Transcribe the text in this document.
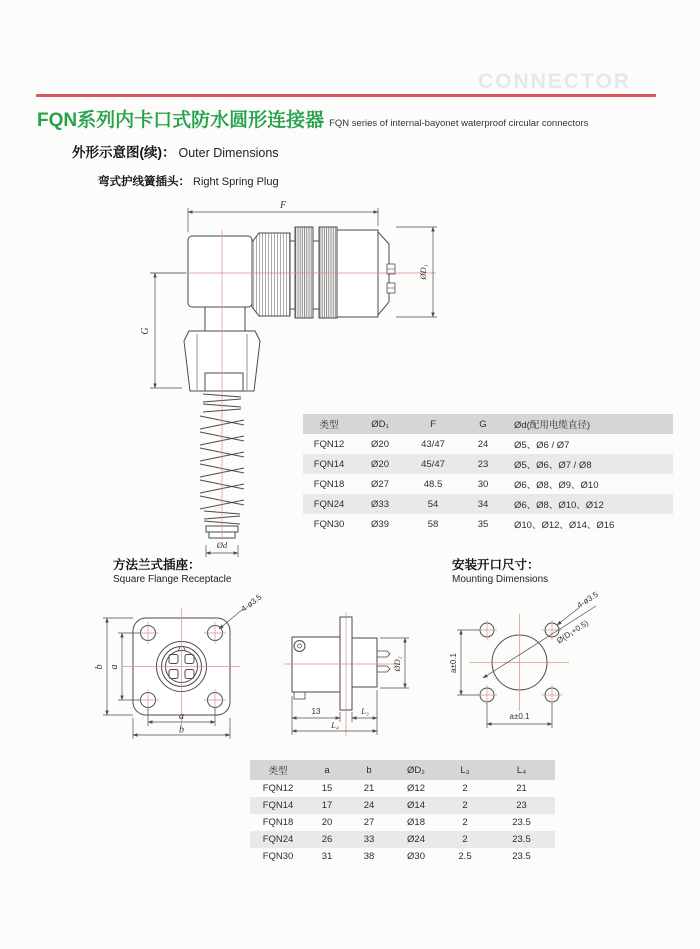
CONNECTOR
FQN系列内卡口式防水圆形连接器 FQN series of internal-bayonet waterproof circular connectors
外形示意图(续)： Outer Dimensions
弯式护线簧插头： Right Spring Plug
方法兰式插座：
Square Flange Receptacle
安装开口尺寸：
Mounting Dimensions
F
G
ØD₁
Ød
a
b
a
b
4-ø3.5
13	L₃
L₄
ØD₂
4-ø3.5
Ø(D₁+0.5)
a±0.1
a±0.1
类型	ØD₁	F	G	Ød(配用电缆直径)
FQN12	Ø20	43/47	24	Ø5、Ø6 / Ø7
FQN14	Ø20	45/47	23	Ø5、Ø6、Ø7 / Ø8
FQN18	Ø27	48.5	30	Ø6、Ø8、Ø9、Ø10
FQN24	Ø33	54	34	Ø6、Ø8、Ø10、Ø12
FQN30	Ø39	58	35	Ø10、Ø12、Ø14、Ø16
类型	a	b	ØD₂	L₃	L₄
FQN12	15	21	Ø12	2	21
FQN14	17	24	Ø14	2	23
FQN18	20	27	Ø18	2	23.5
FQN24	26	33	Ø24	2	23.5
FQN30	31	38	Ø30	2.5	23.5
